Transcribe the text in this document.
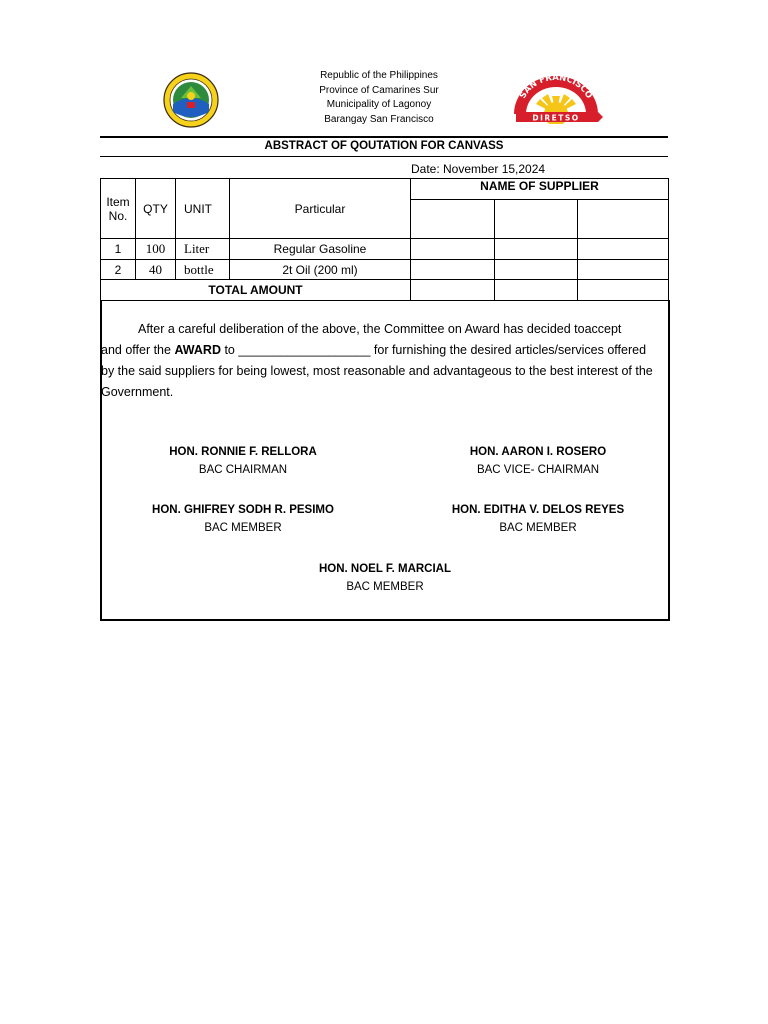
Republic of the Philippines
Province of Camarines Sur
Municipality of Lagonoy
Barangay San Francisco
SAN FRANCISCO
DIRETSO
ABSTRACT OF QOUTATION FOR CANVASS
Date: November 15,2024
Item No.	QTY	UNIT	Particular	NAME OF SUPPLIER		

1	100	Liter	Regular Gasoline			
2	40	bottle	2t Oil (200 ml)			
TOTAL AMOUNT						
After a careful deliberation of the above, the Committee on Award has decided toaccept
and offer the AWARD to ___________________ for furnishing the desired articles/services offered
by the said suppliers for being lowest, most reasonable and advantageous to the best interest of the
Government.
HON. RONNIE F. RELLORA
BAC CHAIRMAN
HON. AARON I. ROSERO
BAC VICE- CHAIRMAN
HON. GHIFREY SODH R. PESIMO
BAC MEMBER
HON. EDITHA V. DELOS REYES
BAC MEMBER
HON. NOEL F. MARCIAL
BAC MEMBER
